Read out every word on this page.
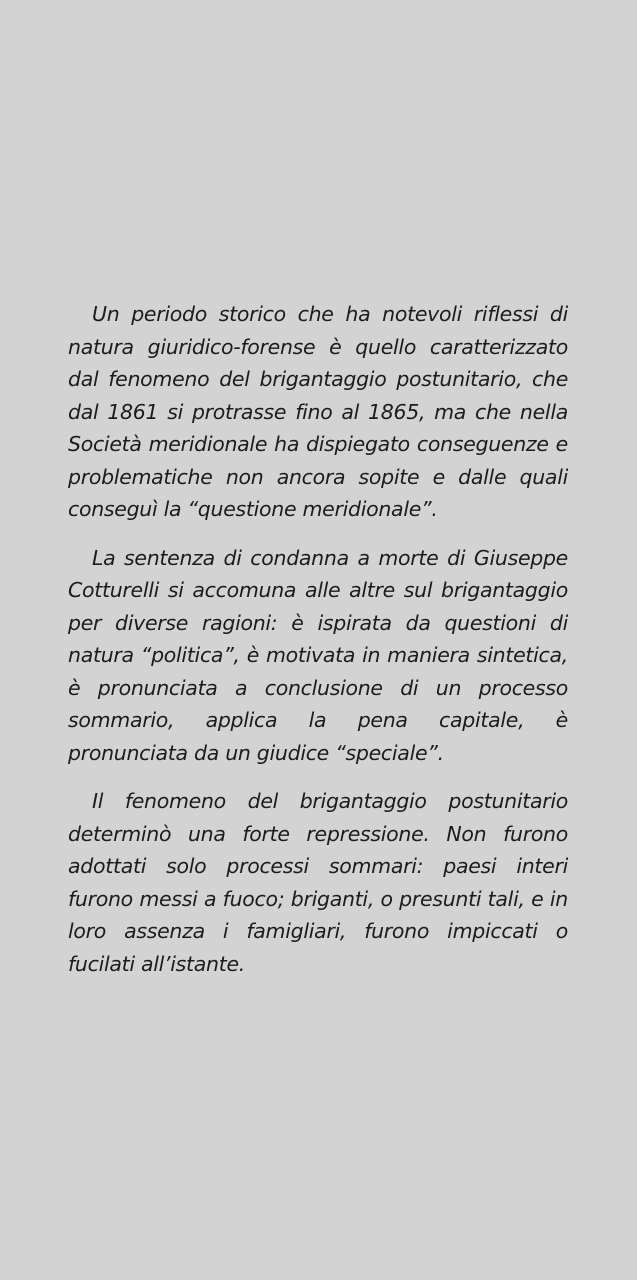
Un periodo storico che ha notevoli riflessi di natura giuridico-forense è quello caratterizzato dal fenomeno del brigantaggio postunitario, che dal 1861 si protrasse fino al 1865, ma che nella Società meridionale ha dispiegato conseguenze e problematiche non ancora sopite e dalle quali conseguì la “questione meridionale”.

La sentenza di condanna a morte di Giuseppe Cotturelli si accomuna alle altre sul brigantaggio per diverse ragioni: è ispirata da questioni di natura “politica”, è motivata in maniera sintetica, è pronunciata a conclusione di un processo sommario, applica la pena capitale, è pronunciata da un giudice “speciale”.

Il fenomeno del brigantaggio postunitario determinò una forte repressione. Non furono adottati solo processi sommari: paesi interi furono messi a fuoco; briganti, o presunti tali, e in loro assenza i famigliari, furono impiccati o fucilati all’istante.
